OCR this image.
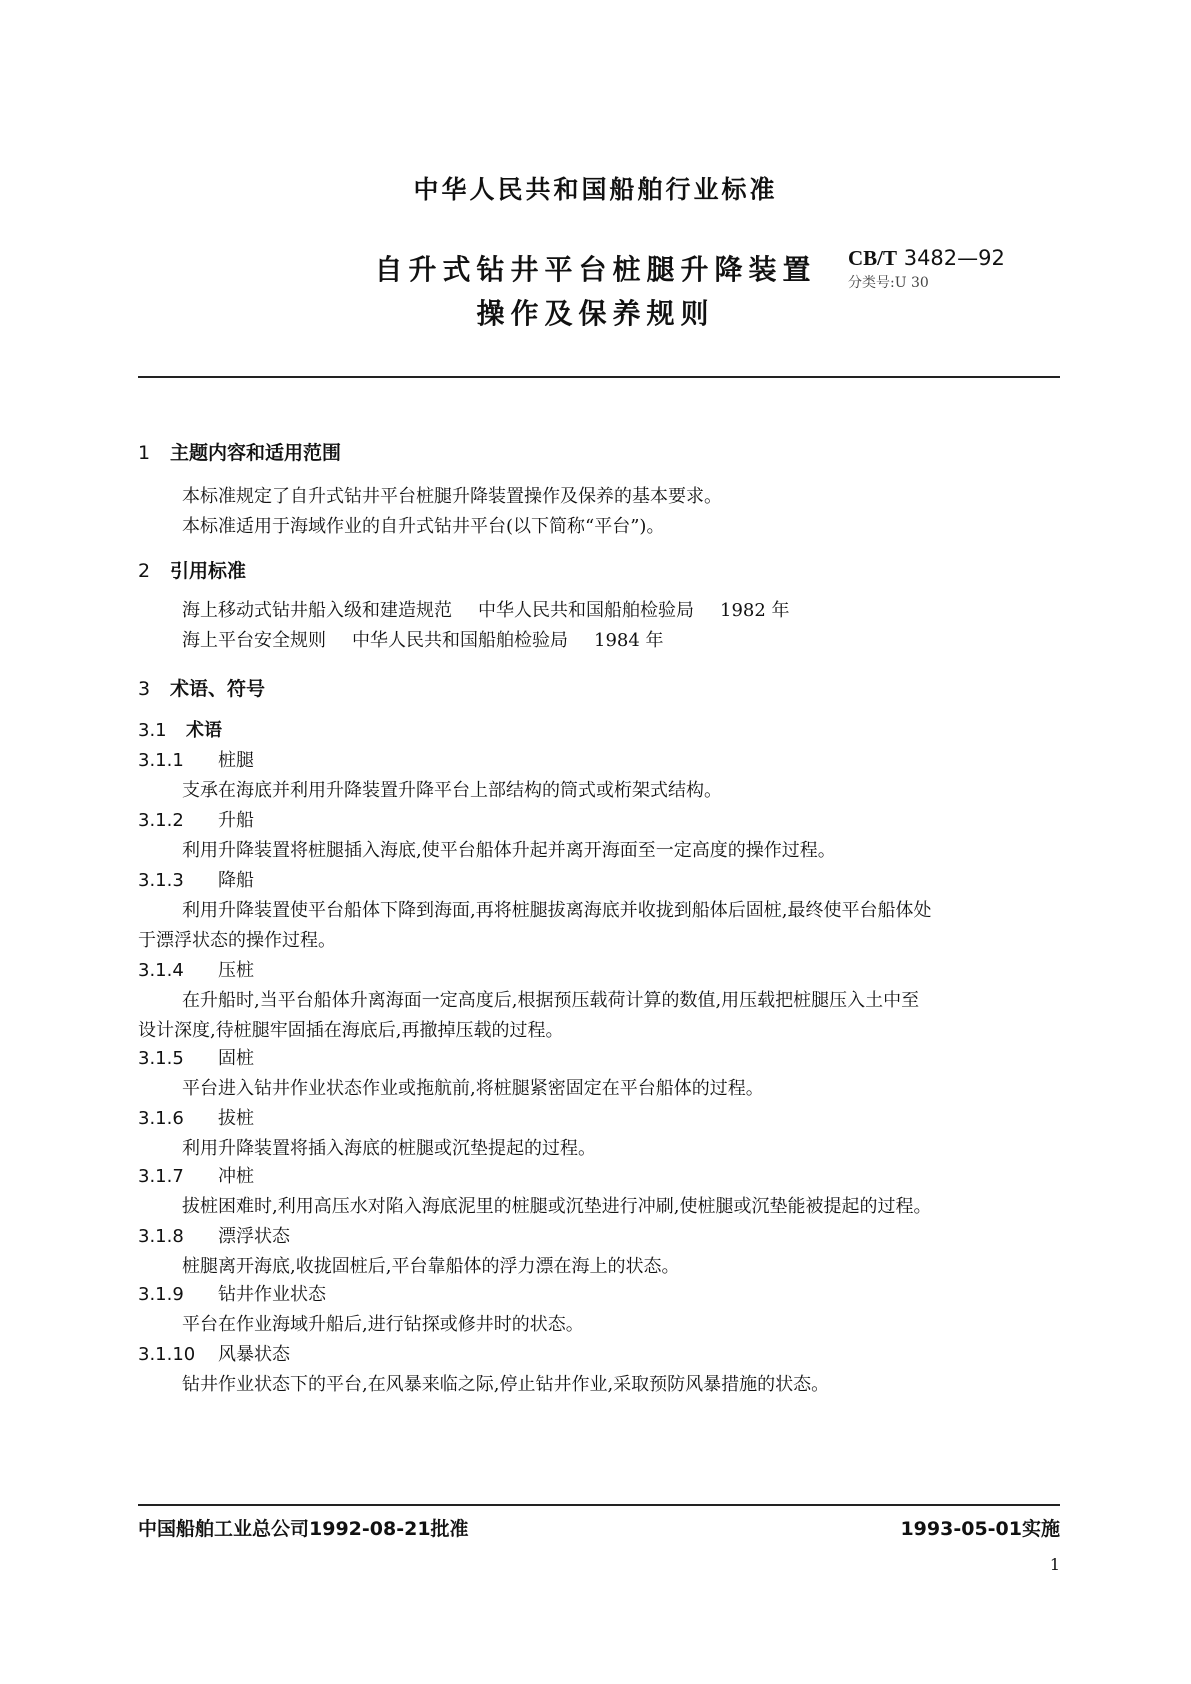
中华人民共和国船舶行业标准
自升式钻井平台桩腿升降装置
操作及保养规则
CB/T 3482—92
分类号:U 30
1 主题内容和适用范围
本标准规定了自升式钻井平台桩腿升降装置操作及保养的基本要求。
本标准适用于海域作业的自升式钻井平台(以下简称“平台”)。
2 引用标准
海上移动式钻井船入级和建造规范 中华人民共和国船舶检验局 1982 年
海上平台安全规则 中华人民共和国船舶检验局 1984 年
3 术语、符号
3.1 术语
3.1.1 桩腿
支承在海底并利用升降装置升降平台上部结构的筒式或桁架式结构。
3.1.2 升船
利用升降装置将桩腿插入海底,使平台船体升起并离开海面至一定高度的操作过程。
3.1.3 降船
利用升降装置使平台船体下降到海面,再将桩腿拔离海底并收拢到船体后固桩,最终使平台船体处
于漂浮状态的操作过程。
3.1.4 压桩
在升船时,当平台船体升离海面一定高度后,根据预压载荷计算的数值,用压载把桩腿压入土中至
设计深度,待桩腿牢固插在海底后,再撤掉压载的过程。
3.1.5 固桩
平台进入钻井作业状态作业或拖航前,将桩腿紧密固定在平台船体的过程。
3.1.6 拔桩
利用升降装置将插入海底的桩腿或沉垫提起的过程。
3.1.7 冲桩
拔桩困难时,利用高压水对陷入海底泥里的桩腿或沉垫进行冲刷,使桩腿或沉垫能被提起的过程。
3.1.8 漂浮状态
桩腿离开海底,收拢固桩后,平台靠船体的浮力漂在海上的状态。
3.1.9 钻井作业状态
平台在作业海域升船后,进行钻探或修井时的状态。
3.1.10 风暴状态
钻井作业状态下的平台,在风暴来临之际,停止钻井作业,采取预防风暴措施的状态。
中国船舶工业总公司1992-08-21批准	1993-05-01实施
1
